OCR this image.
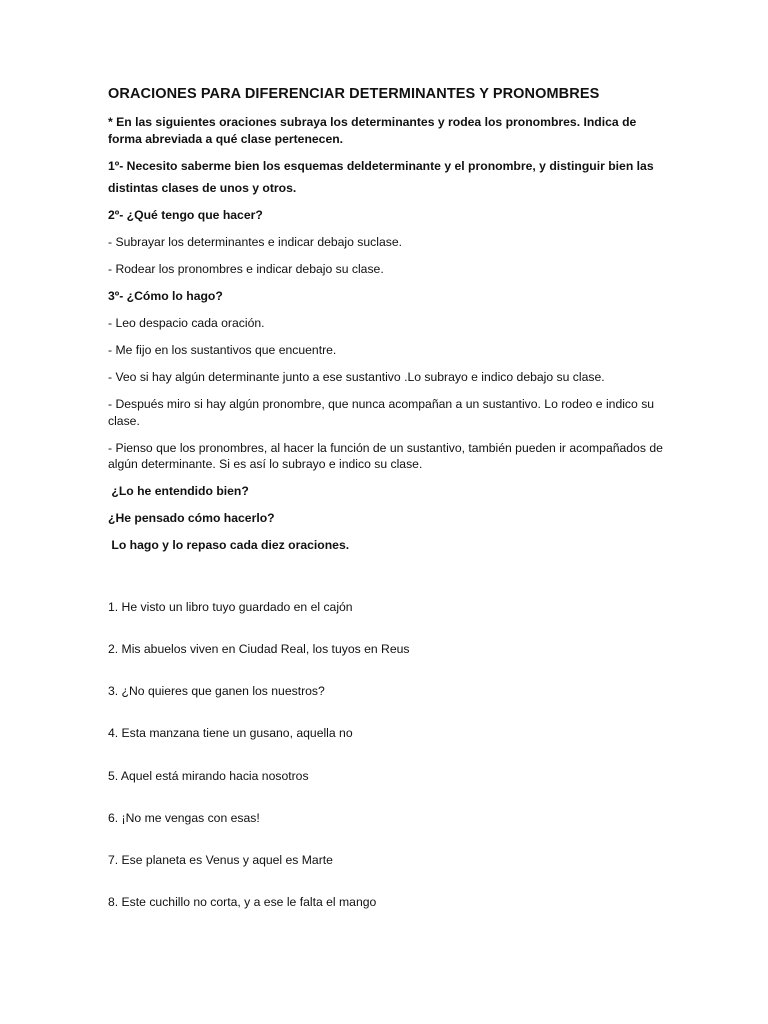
ORACIONES PARA DIFERENCIAR DETERMINANTES Y PRONOMBRES

* En las siguientes oraciones subraya los determinantes y rodea los pronombres. Indica de forma abreviada a qué clase pertenecen.

1º- Necesito saberme bien los esquemas deldeterminante y el pronombre, y distinguir bien las

distintas clases de unos y otros.

2º- ¿Qué tengo que hacer?

- Subrayar los determinantes e indicar debajo suclase.

- Rodear los pronombres e indicar debajo su clase.

3º- ¿Cómo lo hago?

- Leo despacio cada oración.

- Me fijo en los sustantivos que encuentre.

- Veo si hay algún determinante junto a ese sustantivo .Lo subrayo e indico debajo su clase.

- Después miro si hay algún pronombre, que nunca acompañan a un sustantivo. Lo rodeo e indico su clase.

- Pienso que los pronombres, al hacer la función de un sustantivo, también pueden ir acompañados de algún determinante. Si es así lo subrayo e indico su clase.

¿Lo he entendido bien?

¿He pensado cómo hacerlo?

Lo hago y lo repaso cada diez oraciones.

1. He visto un libro tuyo guardado en el cajón

2. Mis abuelos viven en Ciudad Real, los tuyos en Reus

3. ¿No quieres que ganen los nuestros?

4. Esta manzana tiene un gusano, aquella no

5. Aquel está mirando hacia nosotros

6. ¡No me vengas con esas!

7. Ese planeta es Venus y aquel es Marte

8. Este cuchillo no corta, y a ese le falta el mango
